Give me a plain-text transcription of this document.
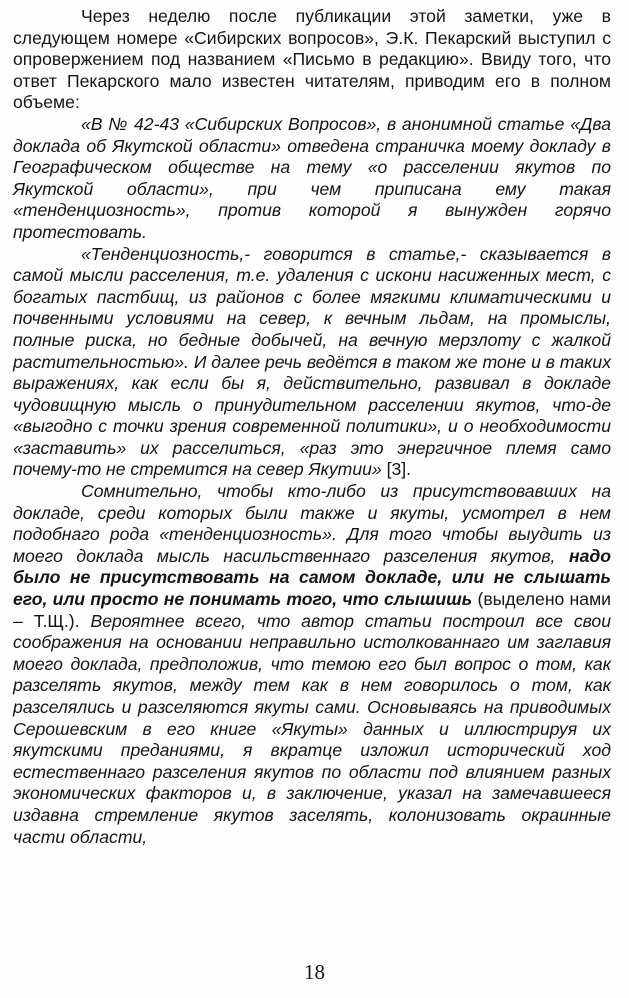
Через неделю после публикации этой заметки, уже в следующем номере «Сибирских вопросов», Э.К. Пекарский выступил с опровержением под названием «Письмо в редакцию». Ввиду того, что ответ Пекарского мало известен читателям, приводим его в полном объеме:

«В № 42-43 «Сибирских Вопросов», в анонимной статье «Два доклада об Якутской области» отведена страничка моему докладу в Географическом обществе на тему «о расселении якутов по Якутской области», при чем приписана ему такая «тенденциозность», против которой я вынужден горячо протестовать.

«Тенденциозность,- говорится в статье,- сказывается в самой мысли расселения, т.е. удаления с искони насиженных мест, с богатых пастбищ, из районов с более мягкими климатическими и почвенными условиями на север, к вечным льдам, на промыслы, полные риска, но бедные добычей, на вечную мерзлоту с жалкой растительностью». И далее речь ведётся в таком же тоне и в таких выражениях, как если бы я, действительно, развивал в докладе чудовищную мысль о принудительном расселении якутов, что-де «выгодно с точки зрения современной политики», и о необходимости «заставить» их расселиться, «раз это энергичное племя само почему-то не стремится на север Якутии» [3].

Сомнительно, чтобы кто-либо из присутствовавших на докладе, среди которых были также и якуты, усмотрел в нем подобнаго рода «тенденциозность». Для того чтобы выудить из моего доклада мысль насильственнаго разселения якутов, надо было не присутствовать на самом докладе, или не слышать его, или просто не понимать того, что слышишь (выделено нами – Т.Щ.). Вероятнее всего, что автор статьи построил все свои соображения на основании неправильно истолкованнаго им заглавия моего доклада, предположив, что темою его был вопрос о том, как разселять якутов, между тем как в нем говорилось о том, как разселялись и разселяются якуты сами. Основываясь на приводимых Серошевским в его книге «Якуты» данных и иллюстрируя их якутскими преданиями, я вкратце изложил исторический ход естественнаго разселения якутов по области под влиянием разных экономических факторов и, в заключение, указал на замечавшееся издавна стремление якутов заселять, колонизовать окраинные части области,

18
